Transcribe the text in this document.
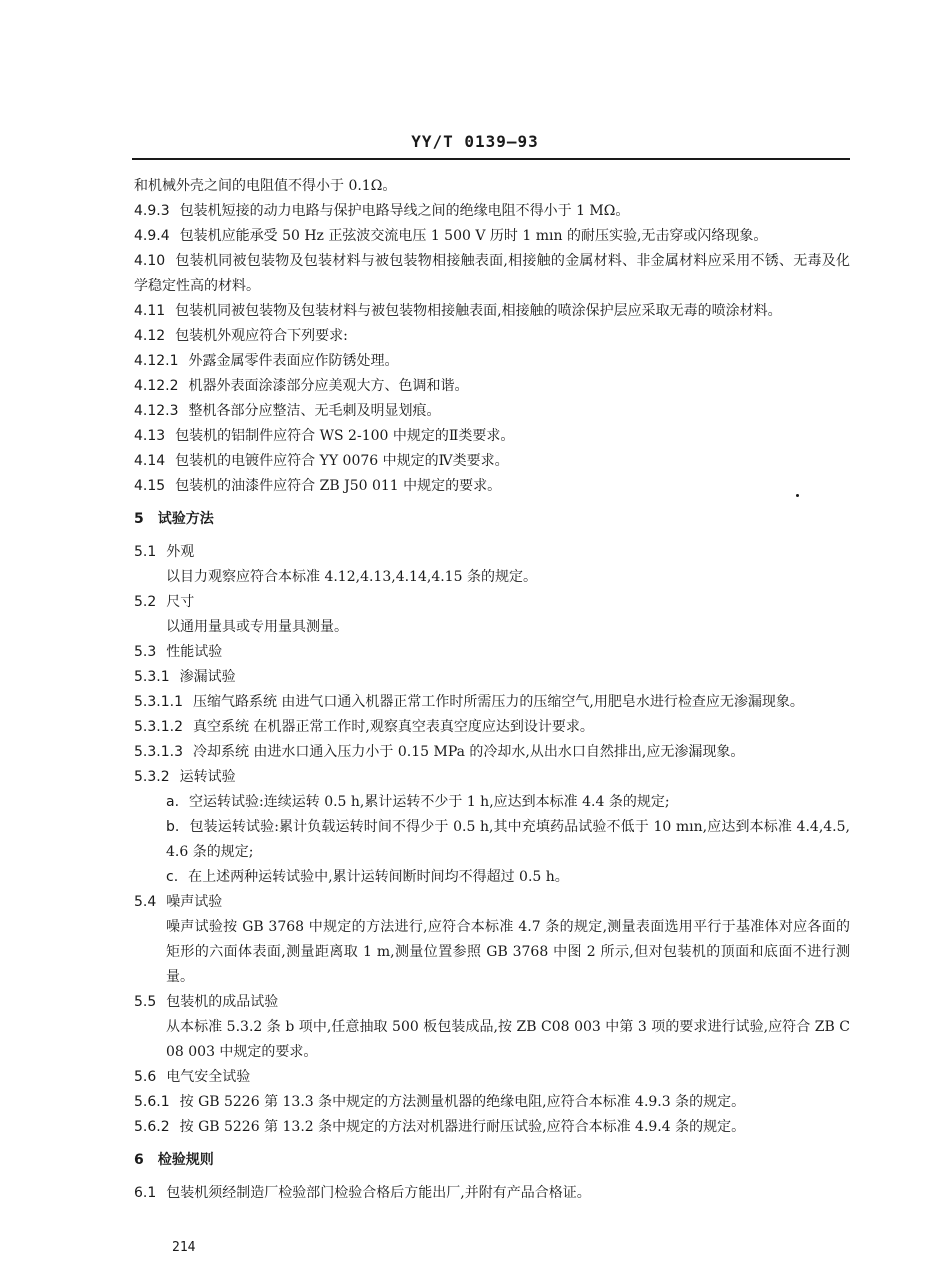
YY/T 0139—93
和机械外壳之间的电阻值不得小于 0.1Ω。
4.9.3 包装机短接的动力电路与保护电路导线之间的绝缘电阻不得小于 1 MΩ。
4.9.4 包装机应能承受 50 Hz 正弦波交流电压 1 500 V 历时 1 mın 的耐压实验,无击穿或闪络现象。
4.10 包装机同被包装物及包装材料与被包装物相接触表面,相接触的金属材料、非金属材料应采用不锈、无毒及化学稳定性高的材料。
4.11 包装机同被包装物及包装材料与被包装物相接触表面,相接触的喷涂保护层应采取无毒的喷涂材料。
4.12 包装机外观应符合下列要求:
4.12.1 外露金属零件表面应作防锈处理。
4.12.2 机器外表面涂漆部分应美观大方、色调和谐。
4.12.3 整机各部分应整洁、无毛刺及明显划痕。
4.13 包装机的铝制件应符合 WS 2-100 中规定的Ⅱ类要求。
4.14 包装机的电镀件应符合 YY 0076 中规定的Ⅳ类要求。
4.15 包装机的油漆件应符合 ZB J50 011 中规定的要求。
5 试验方法
5.1 外观
以目力观察应符合本标准 4.12,4.13,4.14,4.15 条的规定。
5.2 尺寸
以通用量具或专用量具测量。
5.3 性能试验
5.3.1 渗漏试验
5.3.1.1 压缩气路系统 由进气口通入机器正常工作时所需压力的压缩空气,用肥皂水进行检查应无渗漏现象。
5.3.1.2 真空系统 在机器正常工作时,观察真空表真空度应达到设计要求。
5.3.1.3 冷却系统 由进水口通入压力小于 0.15 MPa 的冷却水,从出水口自然排出,应无渗漏现象。
5.3.2 运转试验
a. 空运转试验:连续运转 0.5 h,累计运转不少于 1 h,应达到本标准 4.4 条的规定;
b. 包装运转试验:累计负载运转时间不得少于 0.5 h,其中充填药品试验不低于 10 mın,应达到本标准 4.4,4.5,4.6 条的规定;
c. 在上述两种运转试验中,累计运转间断时间均不得超过 0.5 h。
5.4 噪声试验
噪声试验按 GB 3768 中规定的方法进行,应符合本标准 4.7 条的规定,测量表面选用平行于基准体对应各面的矩形的六面体表面,测量距离取 1 m,测量位置参照 GB 3768 中图 2 所示,但对包装机的顶面和底面不进行测量。
5.5 包装机的成品试验
从本标准 5.3.2 条 b 项中,任意抽取 500 板包装成品,按 ZB C08 003 中第 3 项的要求进行试验,应符合 ZB C08 003 中规定的要求。
5.6 电气安全试验
5.6.1 按 GB 5226 第 13.3 条中规定的方法测量机器的绝缘电阻,应符合本标准 4.9.3 条的规定。
5.6.2 按 GB 5226 第 13.2 条中规定的方法对机器进行耐压试验,应符合本标准 4.9.4 条的规定。
6 检验规则
6.1 包装机须经制造厂检验部门检验合格后方能出厂,并附有产品合格证。
214
